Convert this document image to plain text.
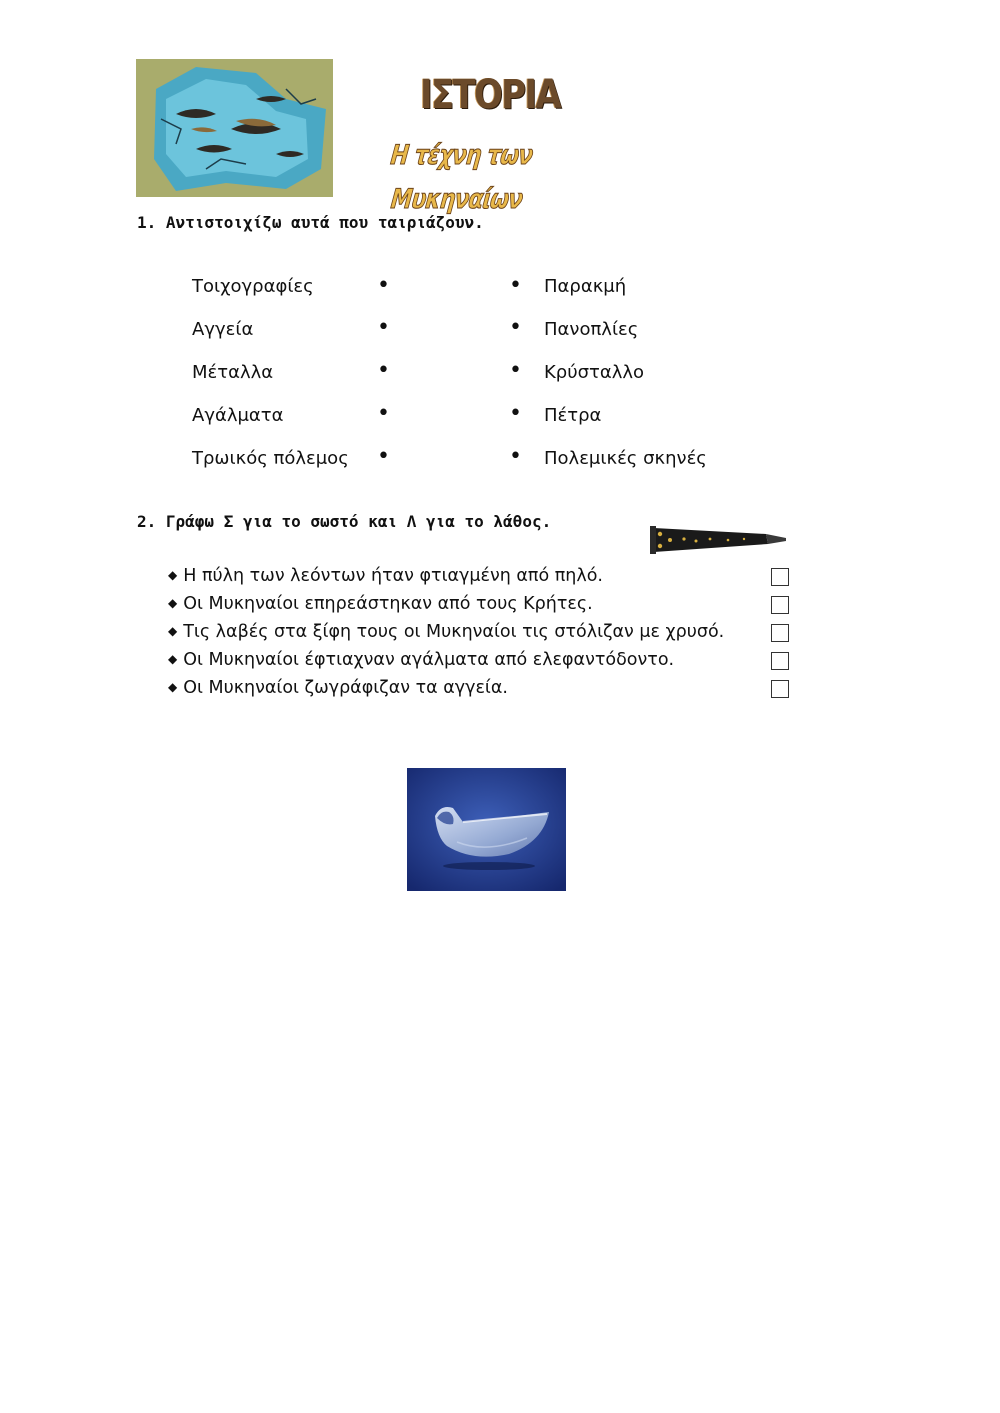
ΙΣΤΟΡΙΑ
Η τέχνη των Μυκηναίων
1. Αντιστοιχίζω αυτά που ταιριάζουν.
Τοιχογραφίες
Αγγεία
Μέταλλα
Αγάλματα
Τρωικός πόλεμος
•
•
•
•
•
•
•
•
•
•
Παρακμή
Πανοπλίες
Κρύσταλλο
Πέτρα
Πολεμικές σκηνές
2. Γράφω Σ για το σωστό και Λ για το λάθος.
◆ Η πύλη των λεόντων ήταν φτιαγμένη από πηλό.
◆ Οι Μυκηναίοι επηρεάστηκαν από τους Κρήτες.
◆ Τις λαβές στα ξίφη τους οι Μυκηναίοι τις στόλιζαν με χρυσό.
◆ Οι Μυκηναίοι έφτιαχναν αγάλματα από ελεφαντόδοντο.
◆ Οι Μυκηναίοι ζωγράφιζαν τα αγγεία.
